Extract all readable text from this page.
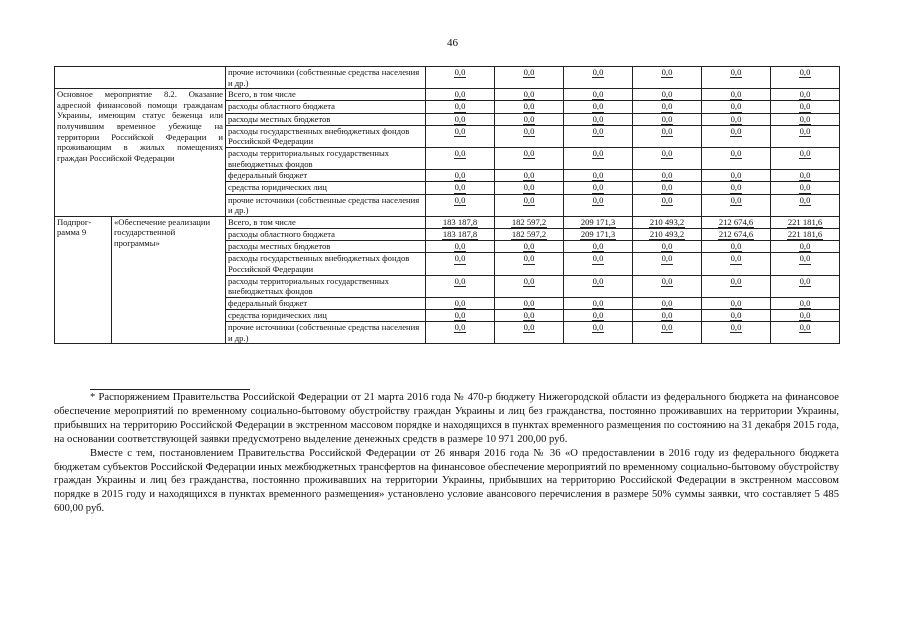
46
		прочие источники (собственные средства населения и др.)	0,0	0,0	0,0	0,0	0,0	0,0
Основное мероприятие 8.2. Оказание адресной финансовой помощи гражданам Украины, имеющим статус беженца или получившим временное убежище на территории Российской Федерации и проживающим в жилых помещениях граждан Российской Федерации		Всего, в том числе	0,0	0,0	0,0	0,0	0,0	0,0
		расходы областного бюджета	0,0	0,0	0,0	0,0	0,0	0,0
		расходы местных бюджетов	0,0	0,0	0,0	0,0	0,0	0,0
		расходы государственных внебюджетных фондов Российской Федерации	0,0	0,0	0,0	0,0	0,0	0,0
		расходы территориальных государственных внебюджетных фондов	0,0	0,0	0,0	0,0	0,0	0,0
		федеральный бюджет	0,0	0,0	0,0	0,0	0,0	0,0
		средства юридических лиц	0,0	0,0	0,0	0,0	0,0	0,0
		прочие источники (собственные средства населения и др.)	0,0	0,0	0,0	0,0	0,0	0,0
Подпрог- рамма 9	«Обеспечение реализации государственной программы»	Всего, в том числе	183 187,8	182 597,2	209 171,3	210 493,2	212 674,6	221 181,6
		расходы областного бюджета	183 187,8	182 597,2	209 171,3	210 493,2	212 674,6	221 181,6
		расходы местных бюджетов	0,0	0,0	0,0	0,0	0,0	0,0
		расходы государственных внебюджетных фондов Российской Федерации	0,0	0,0	0,0	0,0	0,0	0,0
		расходы территориальных государственных внебюджетных фондов	0,0	0,0	0,0	0,0	0,0	0,0
		федеральный бюджет	0,0	0,0	0,0	0,0	0,0	0,0
		средства юридических лиц	0,0	0,0	0,0	0,0	0,0	0,0
		прочие источники (собственные средства населения и др.)	0,0	0,0	0,0	0,0	0,0	0,0

* Распоряжением Правительства Российской Федерации от 21 марта 2016 года № 470-р бюджету Нижегородской области из федерального бюджета на финансовое обеспечение мероприятий по временному социально-бытовому обустройству граждан Украины и лиц без гражданства, постоянно проживавших на территории Украины, прибывших на территорию Российской Федерации в экстренном массовом порядке и находящихся в пунктах временного размещения по состоянию на 31 декабря 2015 года, на основании соответствующей заявки предусмотрено выделение денежных средств в размере 10 971 200,00 руб.

Вместе с тем, постановлением Правительства Российской Федерации от 26 января 2016 года № 36 «О предоставлении в 2016 году из федерального бюджета бюджетам субъектов Российской Федерации иных межбюджетных трансфертов на финансовое обеспечение мероприятий по временному социально-бытовому обустройству граждан Украины и лиц без гражданства, постоянно проживавших на территории Украины, прибывших на территорию Российской Федерации в экстренном массовом порядке в 2015 году и находящихся в пунктах временного размещения» установлено условие авансового перечисления в размере 50% суммы заявки, что составляет 5 485 600,00 руб.
